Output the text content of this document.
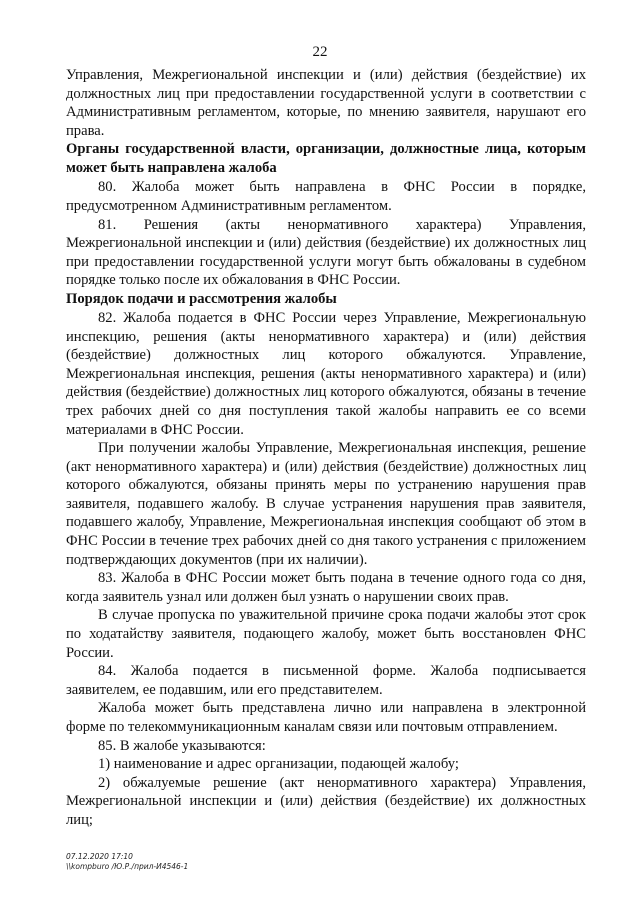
22

Управления, Межрегиональной инспекции и (или) действия (бездействие) их должностных лиц при предоставлении государственной услуги в соответствии с Административным регламентом, которые, по мнению заявителя, нарушают его права.

Органы государственной власти, организации, должностные лица, которым может быть направлена жалоба

80. Жалоба может быть направлена в ФНС России в порядке, предусмотренном Административным регламентом.

81. Решения (акты ненормативного характера) Управления, Межрегиональной инспекции и (или) действия (бездействие) их должностных лиц при предоставлении государственной услуги могут быть обжалованы в судебном порядке только после их обжалования в ФНС России.

Порядок подачи и рассмотрения жалобы

82. Жалоба подается в ФНС России через Управление, Межрегиональную инспекцию, решения (акты ненормативного характера) и (или) действия (бездействие) должностных лиц которого обжалуются. Управление, Межрегиональная инспекция, решения (акты ненормативного характера) и (или) действия (бездействие) должностных лиц которого обжалуются, обязаны в течение трех рабочих дней со дня поступления такой жалобы направить ее со всеми материалами в ФНС России.

При получении жалобы Управление, Межрегиональная инспекция, решение (акт ненормативного характера) и (или) действия (бездействие) должностных лиц которого обжалуются, обязаны принять меры по устранению нарушения прав заявителя, подавшего жалобу. В случае устранения нарушения прав заявителя, подавшего жалобу, Управление, Межрегиональная инспекция сообщают об этом в ФНС России в течение трех рабочих дней со дня такого устранения с приложением подтверждающих документов (при их наличии).

83. Жалоба в ФНС России может быть подана в течение одного года со дня, когда заявитель узнал или должен был узнать о нарушении своих прав.

В случае пропуска по уважительной причине срока подачи жалобы этот срок по ходатайству заявителя, подающего жалобу, может быть восстановлен ФНС России.

84. Жалоба подается в письменной форме. Жалоба подписывается заявителем, ее подавшим, или его представителем.

Жалоба может быть представлена лично или направлена в электронной форме по телекоммуникационным каналам связи или почтовым отправлением.

85. В жалобе указываются:

1) наименование и адрес организации, подающей жалобу;

2) обжалуемые решение (акт ненормативного характера) Управления, Межрегиональной инспекции и (или) действия (бездействие) их должностных лиц;

07.12.2020 17:10
\\kompburo /Ю.Р./прил-И4546-1
